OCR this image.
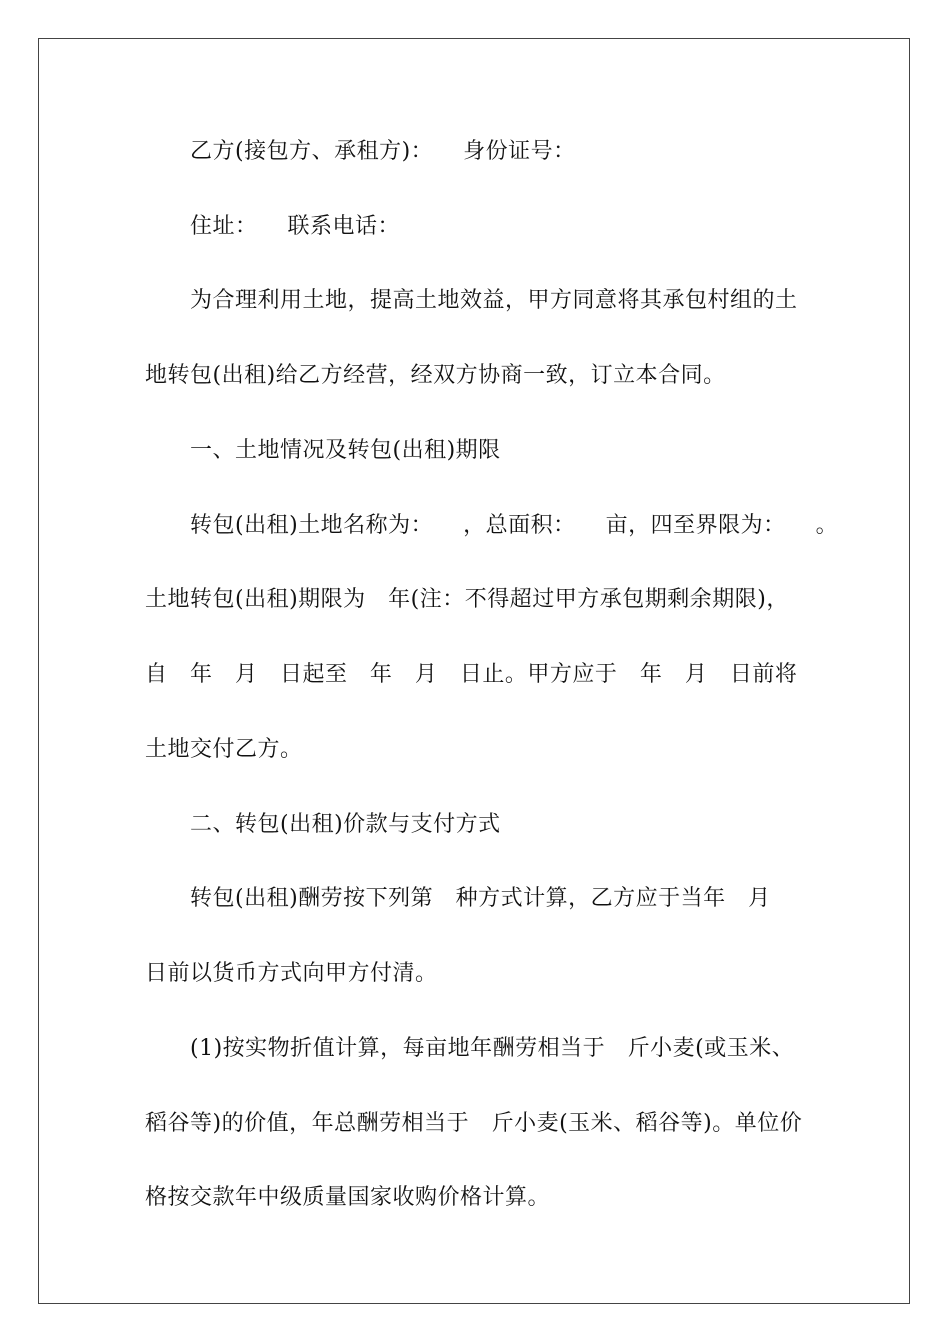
乙方(接包方、承租方)：    身份证号：
住址：    联系电话：
为合理利用土地，提高土地效益，甲方同意将其承包村组的土
地转包(出租)给乙方经营，经双方协商一致，订立本合同。
一、土地情况及转包(出租)期限
转包(出租)土地名称为：    ，总面积：    亩，四至界限为：    。
土地转包(出租)期限为   年(注：不得超过甲方承包期剩余期限)，
自   年   月   日起至   年   月   日止。甲方应于   年   月   日前将
土地交付乙方。
二、转包(出租)价款与支付方式
转包(出租)酬劳按下列第   种方式计算，乙方应于当年   月
日前以货币方式向甲方付清。
(1)按实物折值计算，每亩地年酬劳相当于   斤小麦(或玉米、
稻谷等)的价值，年总酬劳相当于   斤小麦(玉米、稻谷等)。单位价
格按交款年中级质量国家收购价格计算。
